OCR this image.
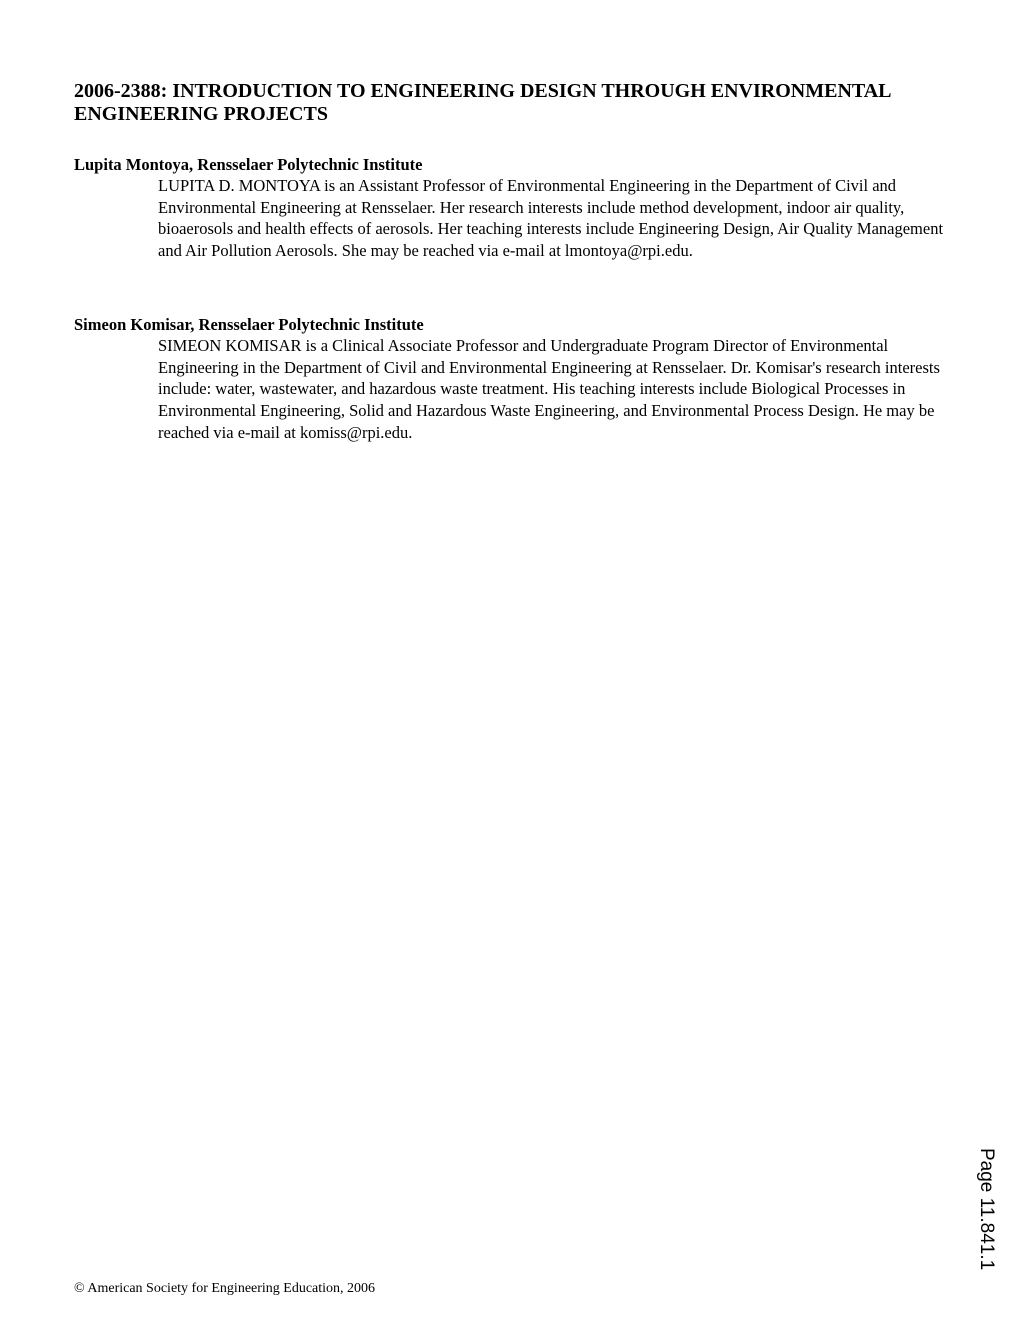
2006-2388: INTRODUCTION TO ENGINEERING DESIGN THROUGH ENVIRONMENTAL ENGINEERING PROJECTS

Lupita Montoya, Rensselaer Polytechnic Institute

LUPITA D. MONTOYA is an Assistant Professor of Environmental Engineering in the Department of Civil and Environmental Engineering at Rensselaer. Her research interests include method development, indoor air quality, bioaerosols and health effects of aerosols. Her teaching interests include Engineering Design, Air Quality Management and Air Pollution Aerosols. She may be reached via e-mail at lmontoya@rpi.edu.

Simeon Komisar, Rensselaer Polytechnic Institute

SIMEON KOMISAR is a Clinical Associate Professor and Undergraduate Program Director of Environmental Engineering in the Department of Civil and Environmental Engineering at Rensselaer. Dr. Komisar's research interests include: water, wastewater, and hazardous waste treatment. His teaching interests include Biological Processes in Environmental Engineering, Solid and Hazardous Waste Engineering, and Environmental Process Design. He may be reached via e-mail at komiss@rpi.edu.

Page 11.841.1
© American Society for Engineering Education, 2006
